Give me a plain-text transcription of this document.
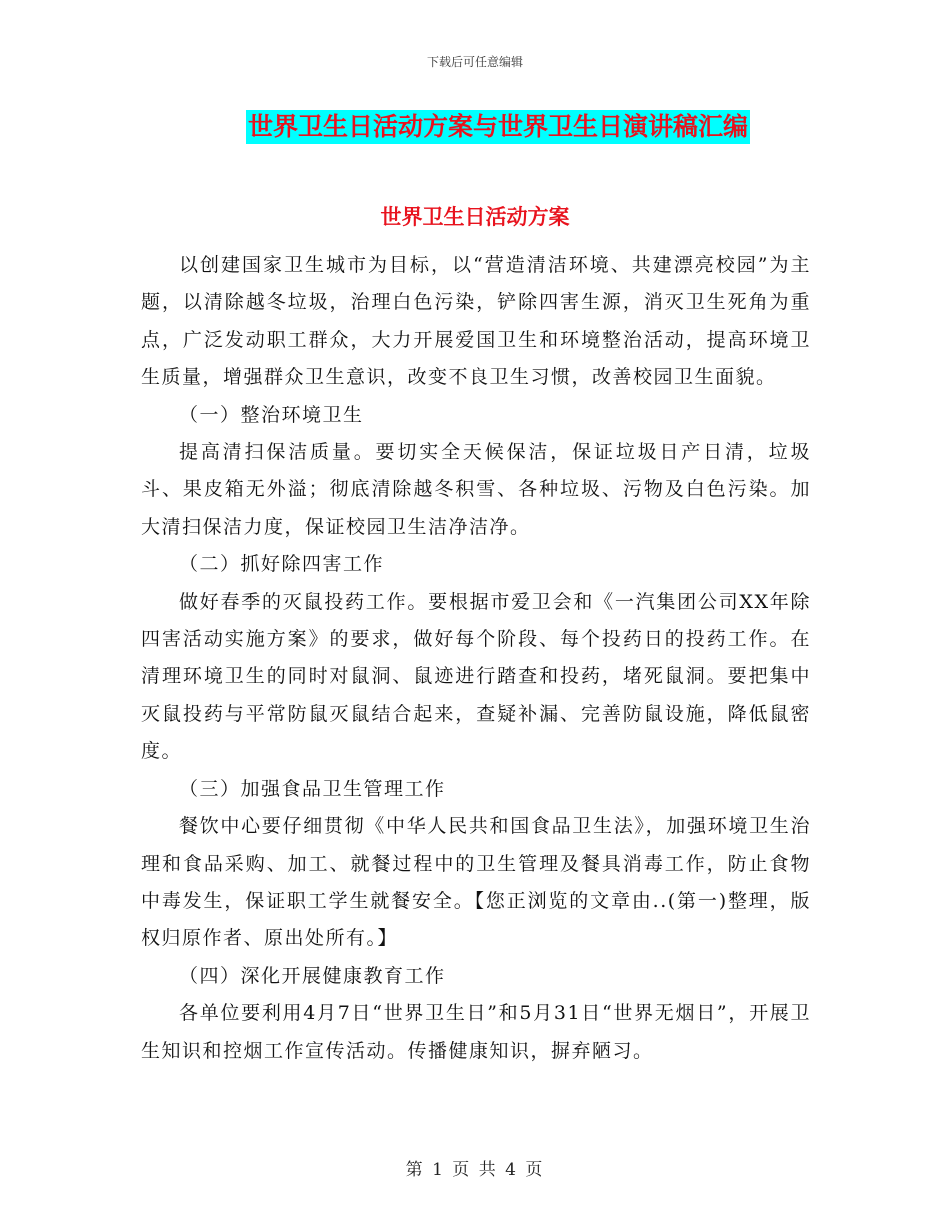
下载后可任意编辑
世界卫生日活动方案与世界卫生日演讲稿汇编
世界卫生日活动方案

以创建国家卫生城市为目标，以“营造清洁环境、共建漂亮校园”为主题，以清除越冬垃圾，治理白色污染，铲除四害生源，消灭卫生死角为重点，广泛发动职工群众，大力开展爱国卫生和环境整治活动，提高环境卫生质量，增强群众卫生意识，改变不良卫生习惯，改善校园卫生面貌。

（一）整治环境卫生

提高清扫保洁质量。要切实全天候保洁，保证垃圾日产日清，垃圾斗、果皮箱无外溢；彻底清除越冬积雪、各种垃圾、污物及白色污染。加大清扫保洁力度，保证校园卫生洁净洁净。

（二）抓好除四害工作

做好春季的灭鼠投药工作。要根据市爱卫会和《一汽集团公司XX年除四害活动实施方案》的要求，做好每个阶段、每个投药日的投药工作。在清理环境卫生的同时对鼠洞、鼠迹进行踏查和投药，堵死鼠洞。要把集中灭鼠投药与平常防鼠灭鼠结合起来，查疑补漏、完善防鼠设施，降低鼠密度。

（三）加强食品卫生管理工作

餐饮中心要仔细贯彻《中华人民共和国食品卫生法》，加强环境卫生治理和食品采购、加工、就餐过程中的卫生管理及餐具消毒工作，防止食物中毒发生，保证职工学生就餐安全。【您正浏览的文章由..(第一)整理，版权归原作者、原出处所有。】

（四）深化开展健康教育工作

各单位要利用4月7日“世界卫生日”和5月31日“世界无烟日”，开展卫生知识和控烟工作宣传活动。传播健康知识，摒弃陋习。

第 1 页 共 4 页
